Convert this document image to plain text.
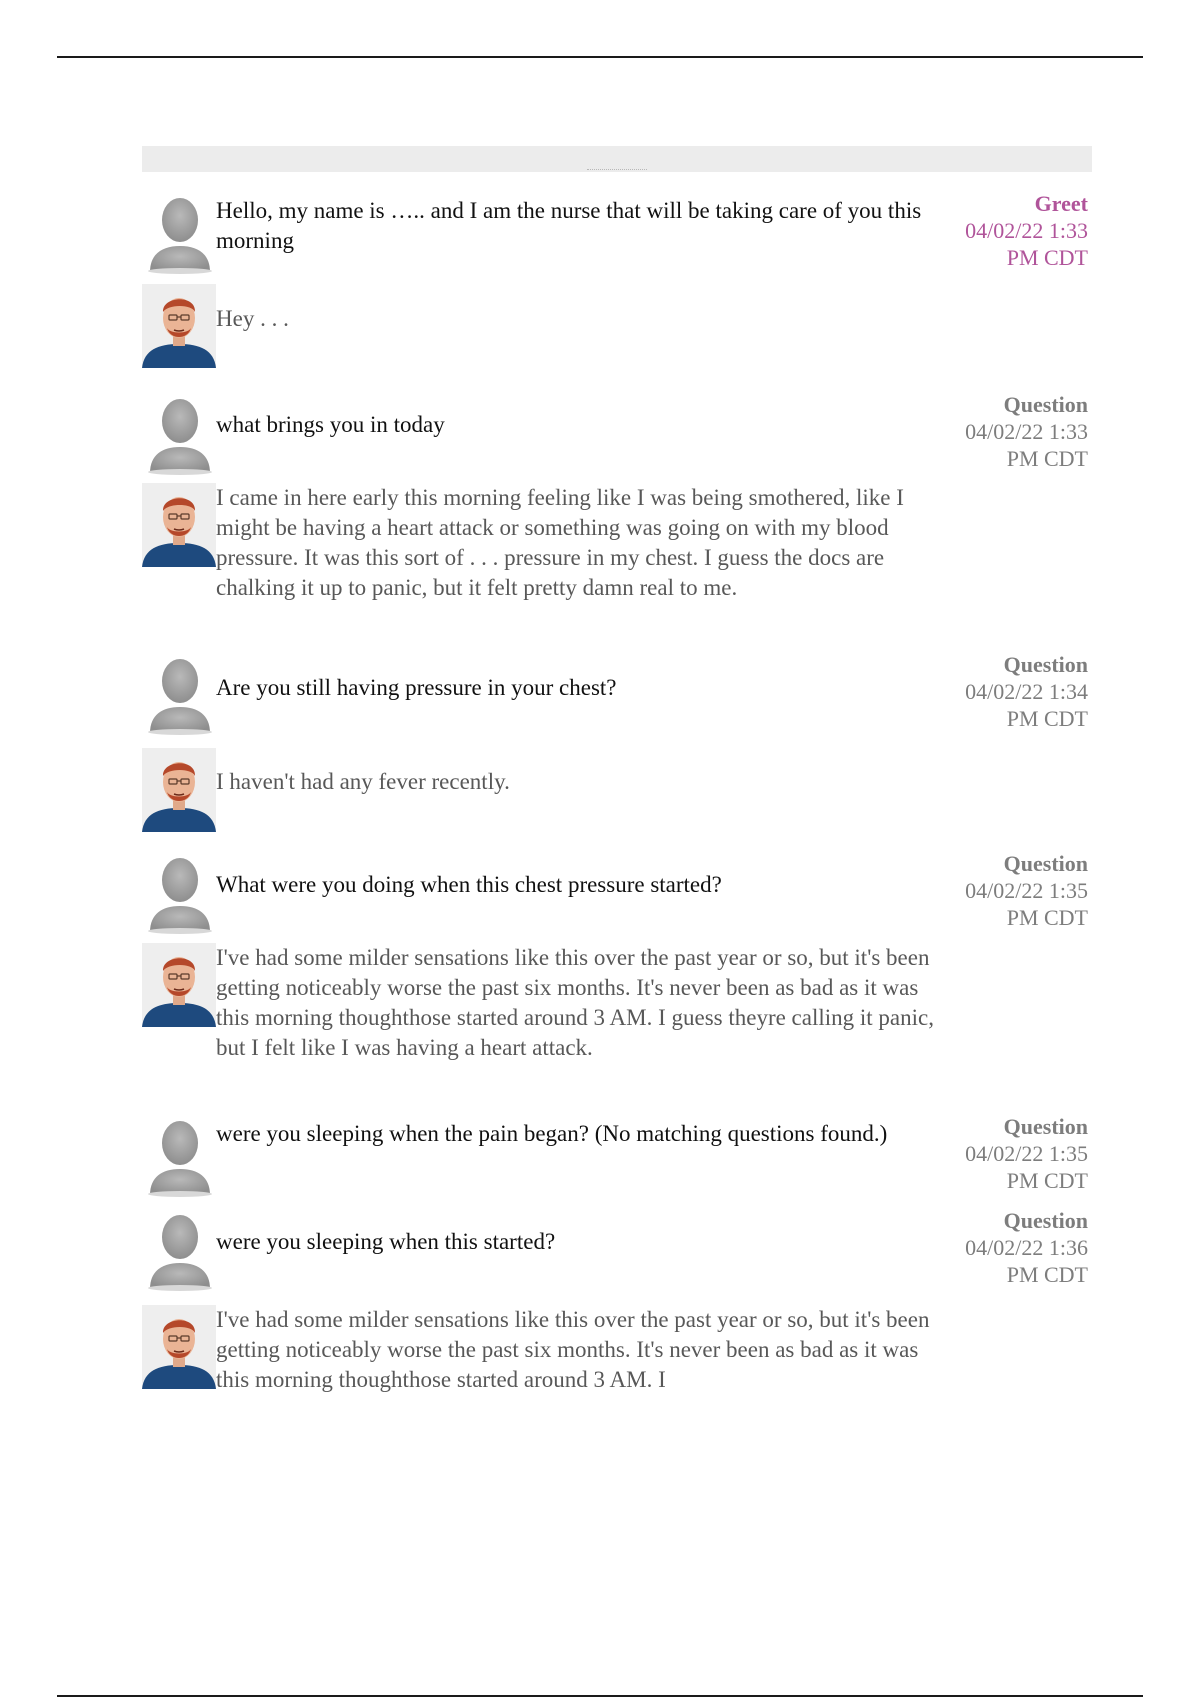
Hello, my name is ….. and I am the nurse that will be taking care of you this morning
Greet
04/02/22 1:33
PM CDT
Hey . . .
what brings you in today
Question
04/02/22 1:33
PM CDT
I came in here early this morning feeling like I was being smothered, like I might be having a heart attack or something was going on with my blood pressure. It was this sort of . . . pressure in my chest. I guess the docs are chalking it up to panic, but it felt pretty damn real to me.
Are you still having pressure in your chest?
Question
04/02/22 1:34
PM CDT
I haven't had any fever recently.
What were you doing when this chest pressure started?
Question
04/02/22 1:35
PM CDT
I've had some milder sensations like this over the past year or so, but it's been getting noticeably worse the past six months. It's never been as bad as it was this morning thoughthose started around 3 AM. I guess theyre calling it panic, but I felt like I was having a heart attack.
were you sleeping when the pain began? (No matching questions found.)	Question
04/02/22 1:35
PM CDT
were you sleeping when this started?
Question
04/02/22 1:36
PM CDT
I've had some milder sensations like this over the past year or so, but it's been getting noticeably worse the past six months. It's never been as bad as it was this morning thoughthose started around 3 AM. I
